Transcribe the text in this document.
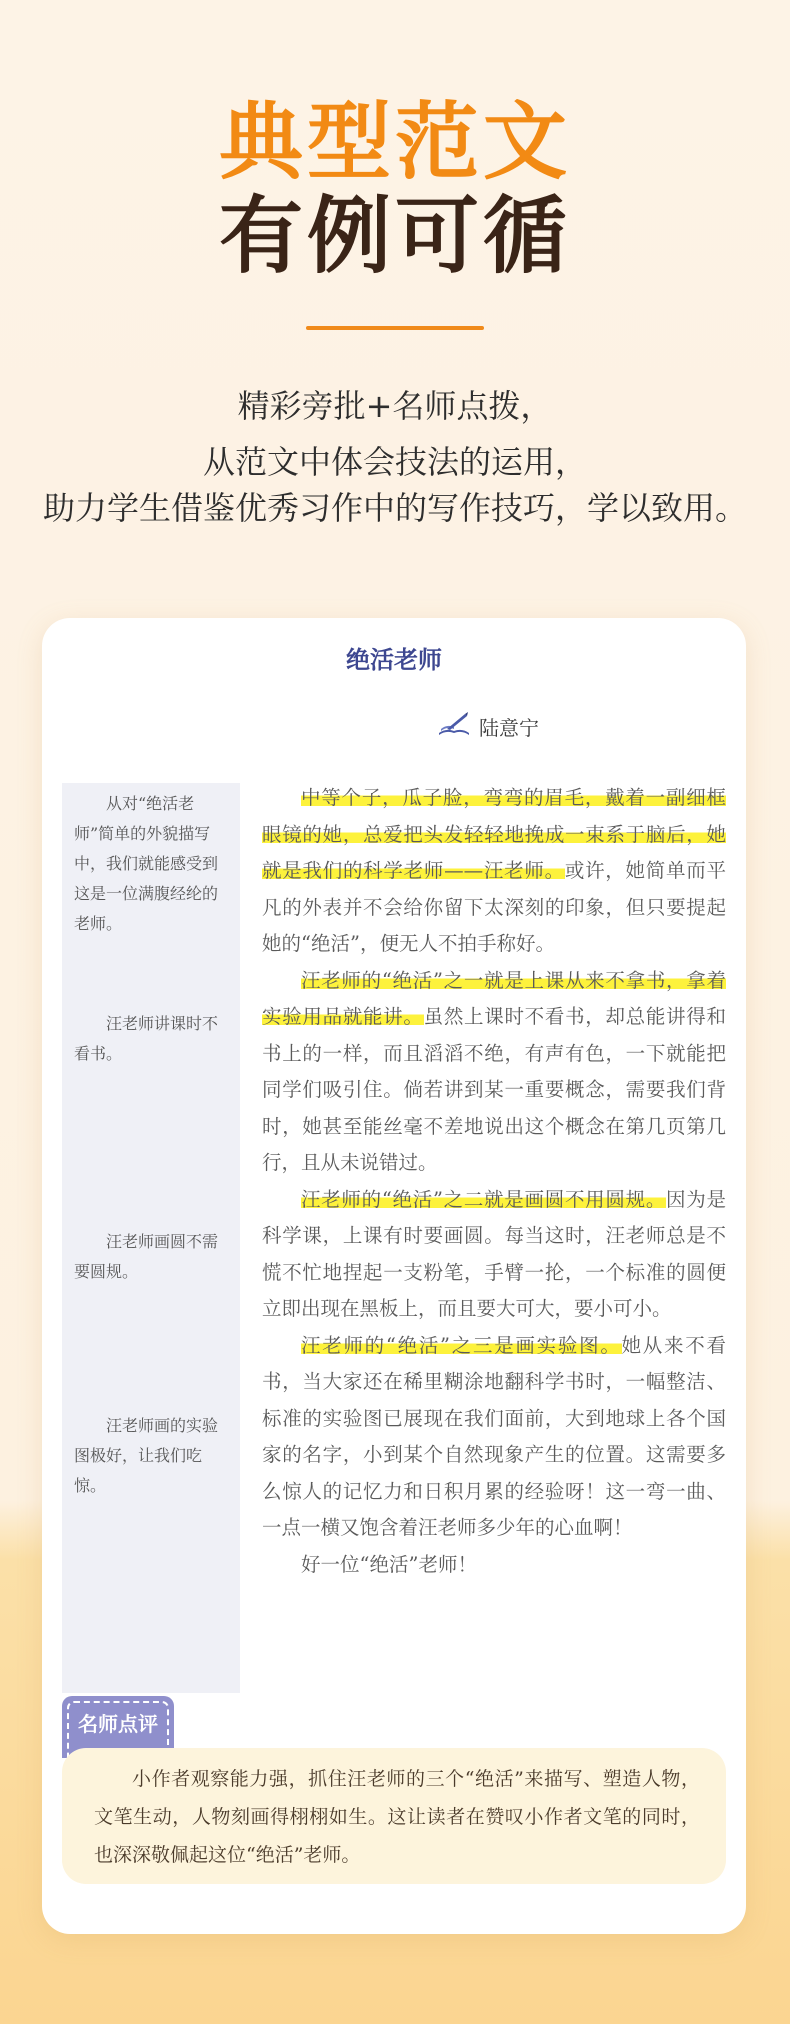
典型范文
有例可循
精彩旁批+名师点拨，
从范文中体会技法的运用，
助力学生借鉴优秀习作中的写作技巧，学以致用。
绝活老师
陆意宁
从对“绝活老师”简单的外貌描写中，我们就能感受到这是一位满腹经纶的老师。
汪老师讲课时不看书。
汪老师画圆不需要圆规。
汪老师画的实验图极好，让我们吃惊。

中等个子，瓜子脸，弯弯的眉毛，戴着一副细框眼镜的她，总爱把头发轻轻地挽成一束系于脑后，她就是我们的科学老师——汪老师。或许，她简单而平凡的外表并不会给你留下太深刻的印象，但只要提起她的“绝活”，便无人不拍手称好。

汪老师的“绝活”之一就是上课从来不拿书，拿着实验用品就能讲。虽然上课时不看书，却总能讲得和书上的一样，而且滔滔不绝，有声有色，一下就能把同学们吸引住。倘若讲到某一重要概念，需要我们背时，她甚至能丝毫不差地说出这个概念在第几页第几行，且从未说错过。

汪老师的“绝活”之二就是画圆不用圆规。因为是科学课，上课有时要画圆。每当这时，汪老师总是不慌不忙地捏起一支粉笔，手臂一抡，一个标准的圆便立即出现在黑板上，而且要大可大，要小可小。

汪老师的“绝活”之三是画实验图。她从来不看书，当大家还在稀里糊涂地翻科学书时，一幅整洁、标准的实验图已展现在我们面前，大到地球上各个国家的名字，小到某个自然现象产生的位置。这需要多么惊人的记忆力和日积月累的经验呀！这一弯一曲、一点一横又饱含着汪老师多少年的心血啊！

好一位“绝活”老师！

名师点评

小作者观察能力强，抓住汪老师的三个“绝活”来描写、塑造人物，文笔生动，人物刻画得栩栩如生。这让读者在赞叹小作者文笔的同时，也深深敬佩起这位“绝活”老师。
